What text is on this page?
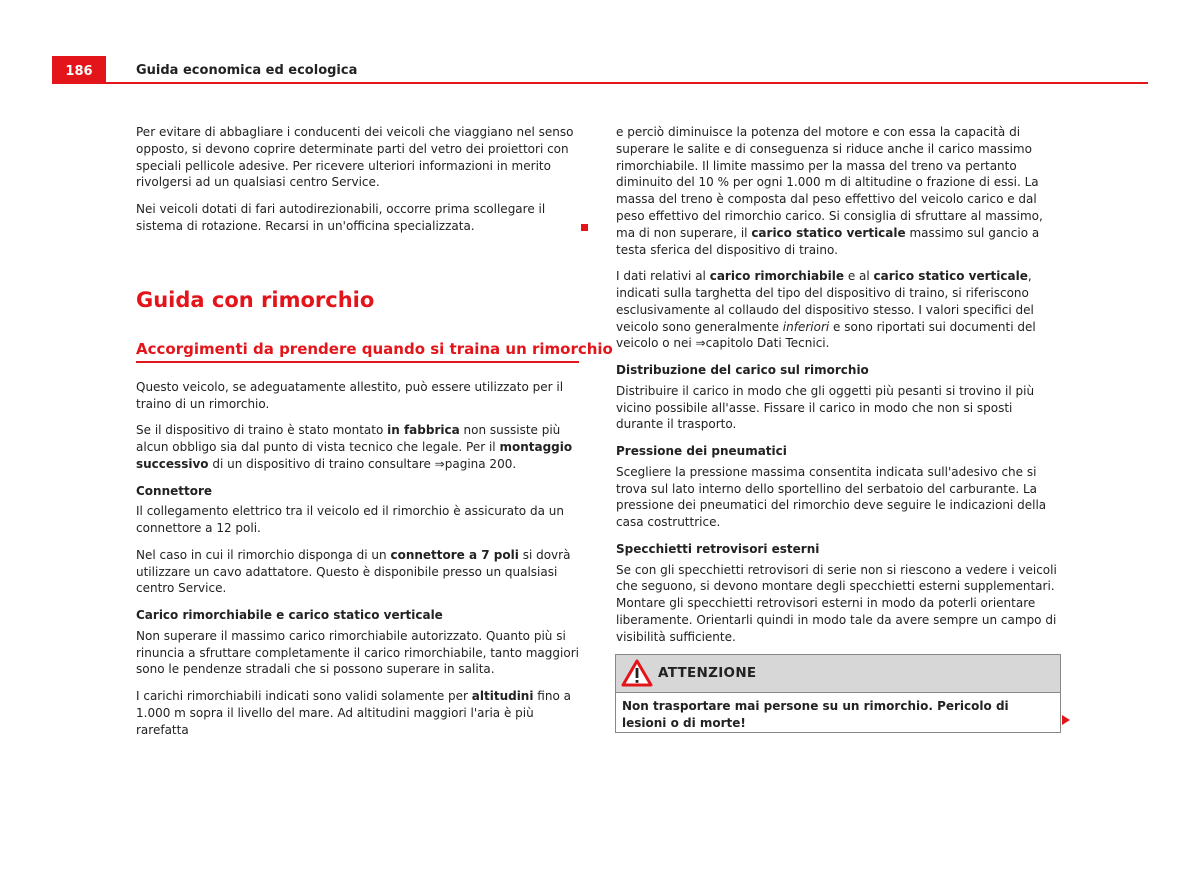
186	Guida economica ed ecologica

Per evitare di abbagliare i conducenti dei veicoli che viaggiano nel senso opposto, si devono coprire determinate parti del vetro dei proiettori con speciali pellicole adesive. Per ricevere ulteriori informazioni in merito rivolgersi ad un qualsiasi centro Service.

Nei veicoli dotati di fari autodirezionabili, occorre prima scollegare il sistema di rotazione. Recarsi in un'officina specializzata.

Guida con rimorchio
Accorgimenti da prendere quando si traina un rimorchio

Questo veicolo, se adeguatamente allestito, può essere utilizzato per il traino di un rimorchio.

Se il dispositivo di traino è stato montato in fabbrica non sussiste più alcun obbligo sia dal punto di vista tecnico che legale. Per il montaggio successivo di un dispositivo di traino consultare ⇒pagina 200.

Connettore

Il collegamento elettrico tra il veicolo ed il rimorchio è assicurato da un connettore a 12 poli.

Nel caso in cui il rimorchio disponga di un connettore a 7 poli si dovrà utilizzare un cavo adattatore. Questo è disponibile presso un qualsiasi centro Service.

Carico rimorchiabile e carico statico verticale

Non superare il massimo carico rimorchiabile autorizzato. Quanto più si rinuncia a sfruttare completamente il carico rimorchiabile, tanto maggiori sono le pendenze stradali che si possono superare in salita.

I carichi rimorchiabili indicati sono validi solamente per altitudini fino a 1.000 m sopra il livello del mare. Ad altitudini maggiori l'aria è più rarefatta

e perciò diminuisce la potenza del motore e con essa la capacità di superare le salite e di conseguenza si riduce anche il carico massimo rimorchiabile. Il limite massimo per la massa del treno va pertanto diminuito del 10 % per ogni 1.000 m di altitudine o frazione di essi. La massa del treno è composta dal peso effettivo del veicolo carico e dal peso effettivo del rimorchio carico. Si consiglia di sfruttare al massimo, ma di non superare, il carico statico verticale massimo sul gancio a testa sferica del dispositivo di traino.

I dati relativi al carico rimorchiabile e al carico statico verticale, indicati sulla targhetta del tipo del dispositivo di traino, si riferiscono esclusivamente al collaudo del dispositivo stesso. I valori specifici del veicolo sono generalmente inferiori e sono riportati sui documenti del veicolo o nei ⇒capitolo Dati Tecnici.

Distribuzione del carico sul rimorchio

Distribuire il carico in modo che gli oggetti più pesanti si trovino il più vicino possibile all'asse. Fissare il carico in modo che non si sposti durante il trasporto.

Pressione dei pneumatici

Scegliere la pressione massima consentita indicata sull'adesivo che si trova sul lato interno dello sportellino del serbatoio del carburante. La pressione dei pneumatici del rimorchio deve seguire le indicazioni della casa costruttrice.

Specchietti retrovisori esterni

Se con gli specchietti retrovisori di serie non si riescono a vedere i veicoli che seguono, si devono montare degli specchietti esterni supplementari. Montare gli specchietti retrovisori esterni in modo da poterli orientare liberamente. Orientarli quindi in modo tale da avere sempre un campo di visibilità sufficiente.

ATTENZIONE
Non trasportare mai persone su un rimorchio. Pericolo di lesioni o di morte!
